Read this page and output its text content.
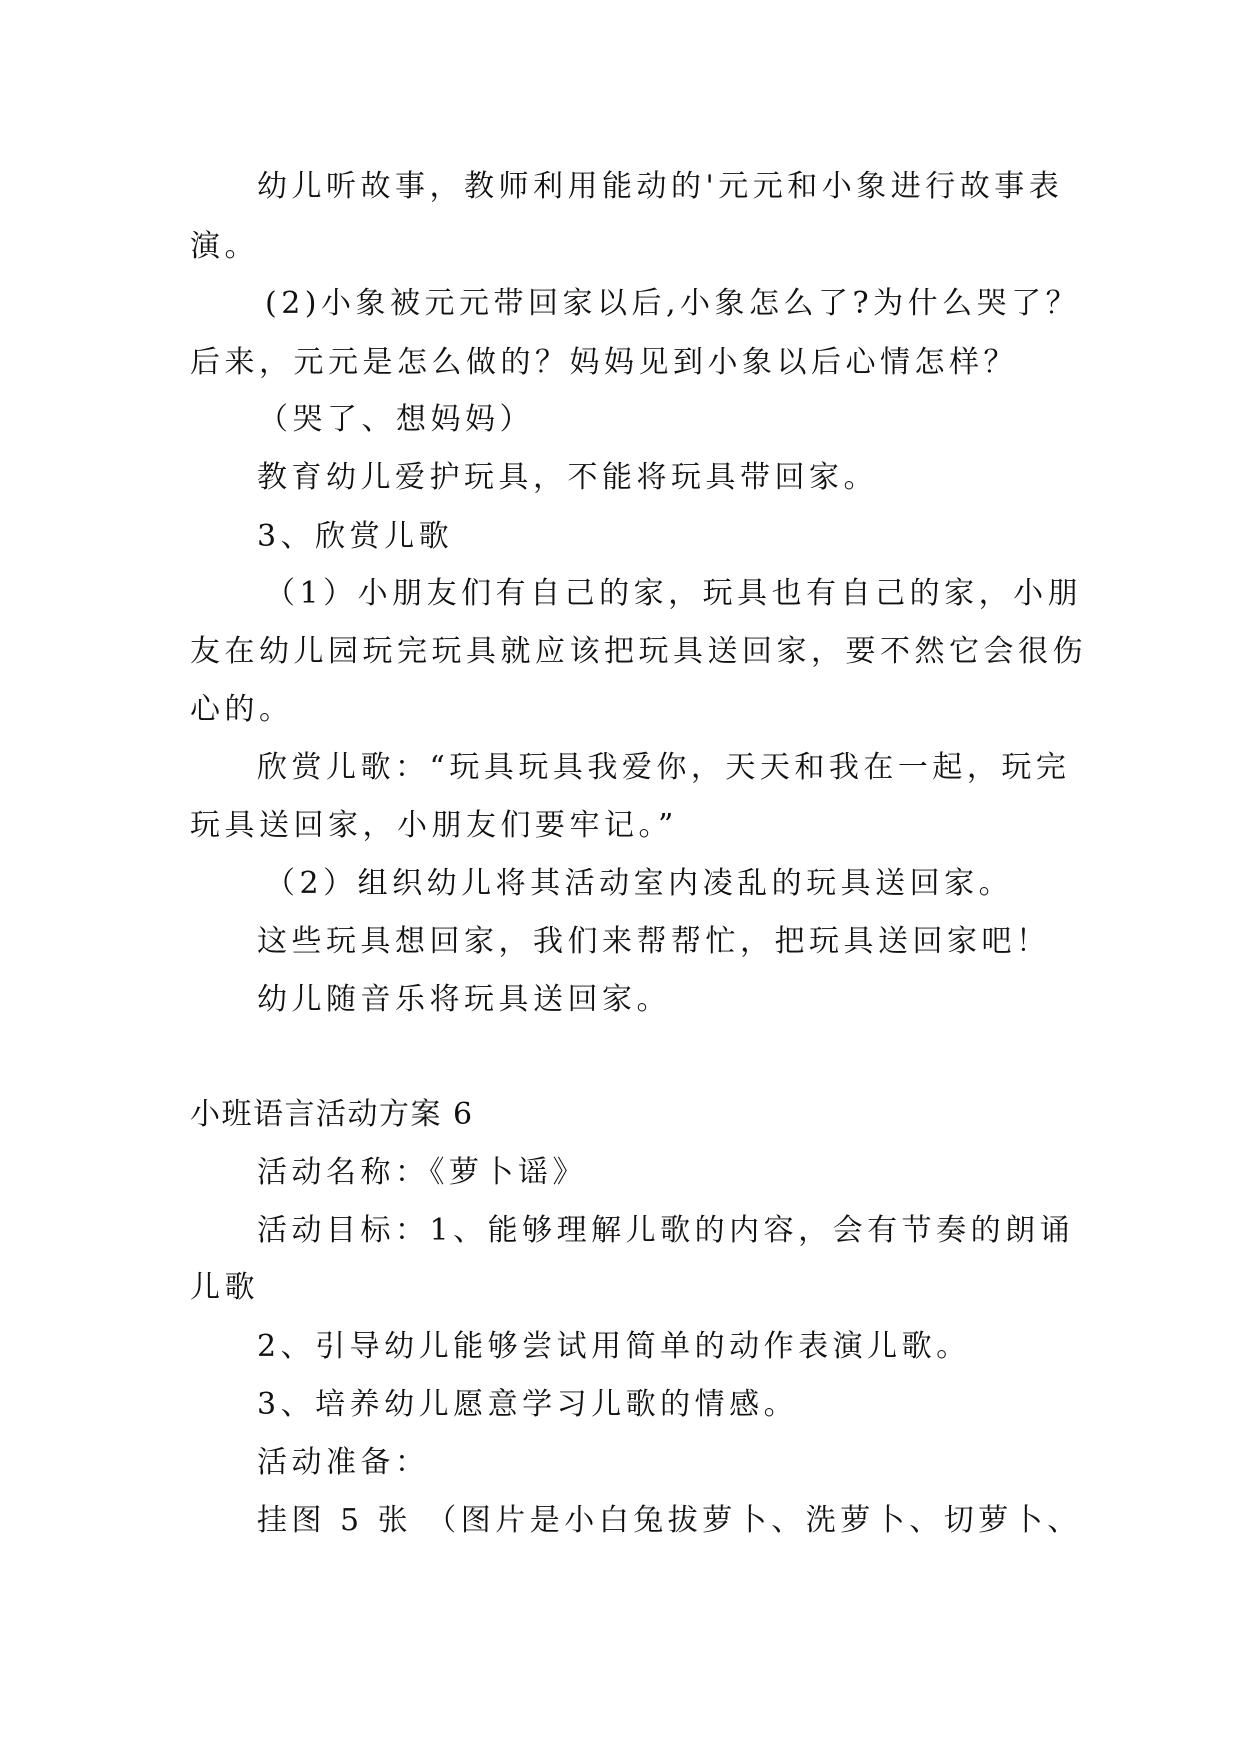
幼儿听故事，教师利用能动的'元元和小象进行故事表
演。
(2)小象被元元带回家以后,小象怎么了?为什么哭了？
后来，元元是怎么做的？妈妈见到小象以后心情怎样？
（哭了、想妈妈）
教育幼儿爱护玩具，不能将玩具带回家。
3、欣赏儿歌
（1）小朋友们有自己的家，玩具也有自己的家，小朋
友在幼儿园玩完玩具就应该把玩具送回家，要不然它会很伤
心的。
欣赏儿歌：“玩具玩具我爱你，天天和我在一起，玩完
玩具送回家，小朋友们要牢记。”
（2）组织幼儿将其活动室内凌乱的玩具送回家。
这些玩具想回家，我们来帮帮忙，把玩具送回家吧！
幼儿随音乐将玩具送回家。
小班语言活动方案 6
活动名称：《萝卜谣》
活动目标：1、能够理解儿歌的内容，会有节奏的朗诵
儿歌
2、引导幼儿能够尝试用简单的动作表演儿歌。
3、培养幼儿愿意学习儿歌的情感。
活动准备：
挂图 5 张 （图片是小白兔拔萝卜、洗萝卜、切萝卜、
